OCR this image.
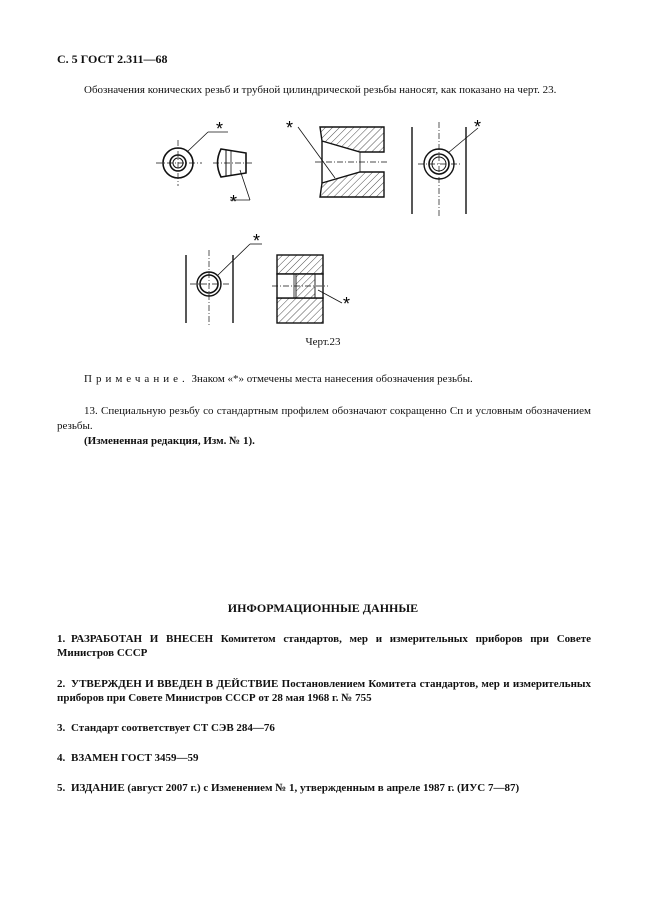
С. 5 ГОСТ 2.311—68
Обозначения конических резьб и трубной цилиндрической резьбы наносят, как показано на черт. 23.
*
*
*	*
*
*
Черт.23
Примечание. Знаком «*» отмечены места нанесения обозначения резьбы.
13. Специальную резьбу со стандартным профилем обозначают сокращенно Сп и условным обозначением резьбы.
(Измененная редакция, Изм. № 1).
ИНФОРМАЦИОННЫЕ ДАННЫЕ
1. РАЗРАБОТАН И ВНЕСЕН Комитетом стандартов, мер и измерительных приборов при Совете Министров СССР
2. УТВЕРЖДЕН И ВВЕДЕН В ДЕЙСТВИЕ Постановлением Комитета стандартов, мер и измерительных приборов при Совете Министров СССР от 28 мая 1968 г. № 755
3. Стандарт соответствует СТ СЭВ 284—76
4. ВЗАМЕН ГОСТ 3459—59
5. ИЗДАНИЕ (август 2007 г.) с Изменением № 1, утвержденным в апреле 1987 г. (ИУС 7—87)
